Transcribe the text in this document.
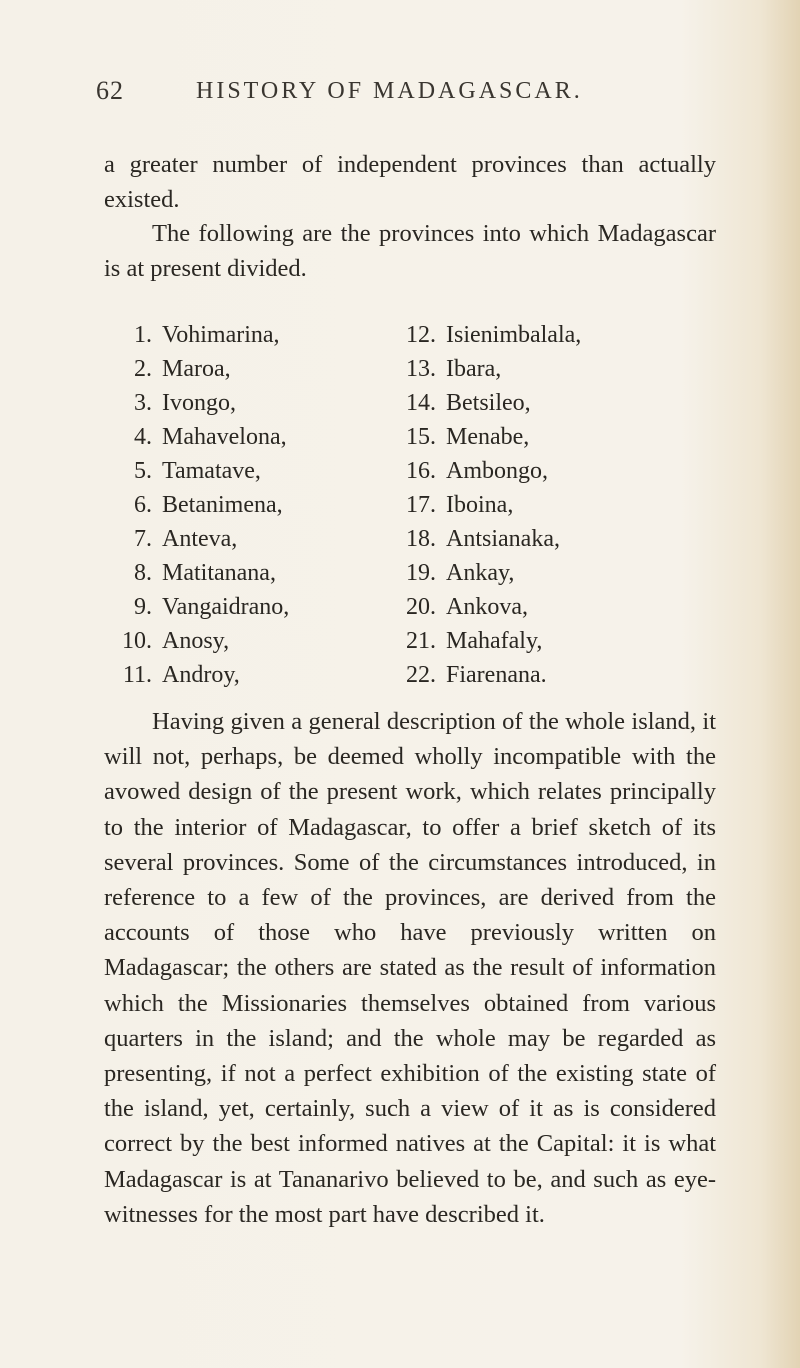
62	HISTORY OF MADAGASCAR.

a greater number of independent provinces than actually existed.

The following are the provinces into which Madagascar is at present divided.

1. Vohimarina,
2. Maroa,
3. Ivongo,
4. Mahavelona,
5. Tamatave,
6. Betanimena,
7. Anteva,
8. Matitanana,
9. Vangaidrano,
10. Anosy,
11. Androy,
12. Isienimbalala,
13. Ibara,
14. Betsileo,
15. Menabe,
16. Ambongo,
17. Iboina,
18. Antsianaka,
19. Ankay,
20. Ankova,
21. Mahafaly,
22. Fiarenana.

Having given a general description of the whole island, it will not, perhaps, be deemed wholly incompatible with the avowed design of the present work, which relates principally to the interior of Madagascar, to offer a brief sketch of its several provinces. Some of the circumstances introduced, in reference to a few of the provinces, are derived from the accounts of those who have previously written on Madagascar; the others are stated as the result of information which the Missionaries themselves obtained from various quarters in the island; and the whole may be regarded as presenting, if not a perfect exhibition of the existing state of the island, yet, certainly, such a view of it as is considered correct by the best informed natives at the Capital: it is what Madagascar is at Tananarivo believed to be, and such as eye-witnesses for the most part have described it.
